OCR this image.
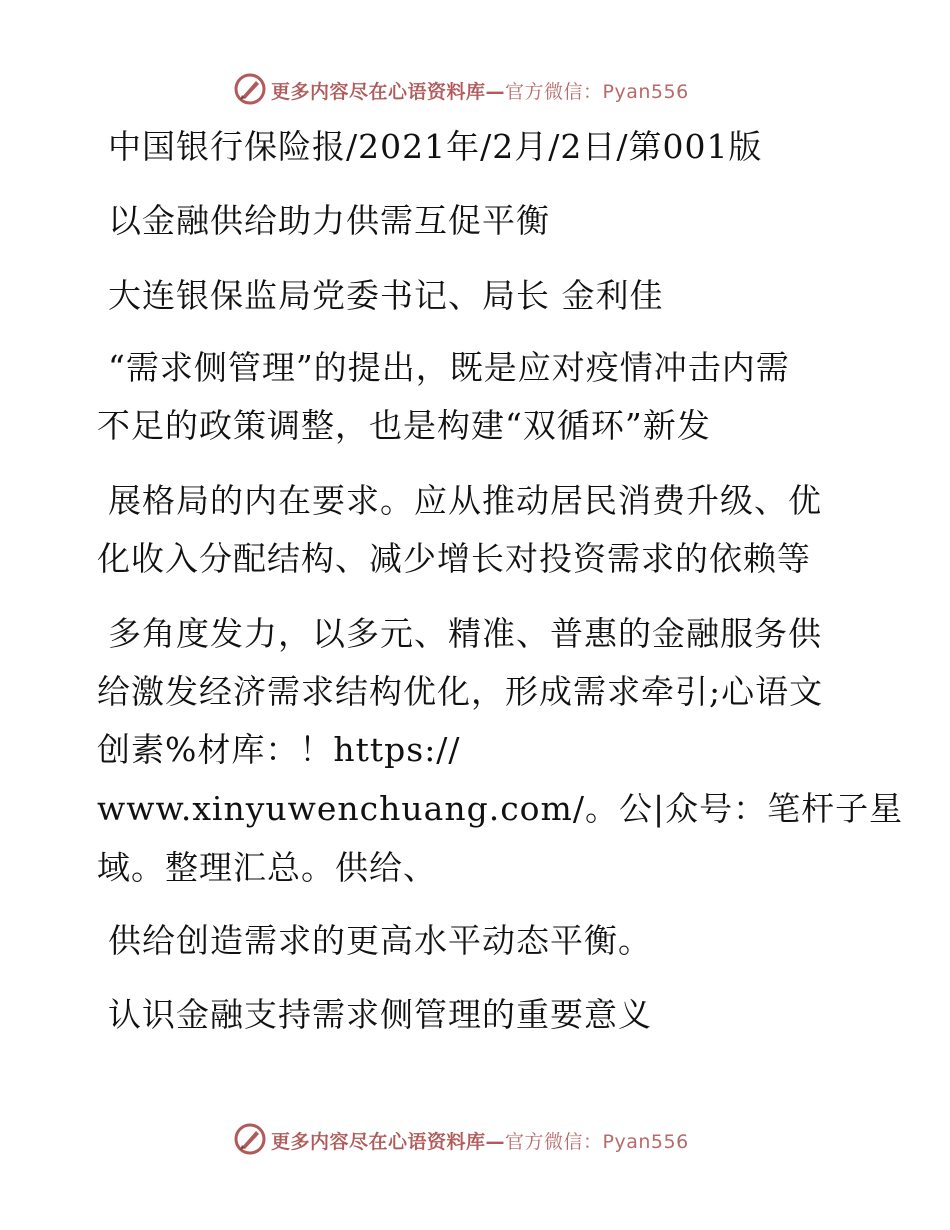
更多内容尽在心语资料库—官方微信：Pyan556
中国银行保险报/2021年/2月/2日/第001版
以金融供给助力供需互促平衡
大连银保监局党委书记、局长 金利佳
“需求侧管理”的提出，既是应对疫情冲击内需
不足的政策调整，也是构建“双循环”新发
展格局的内在要求。应从推动居民消费升级、优
化收入分配结构、减少增长对投资需求的依赖等
多角度发力，以多元、精准、普惠的金融服务供
给激发经济需求结构优化，形成需求牵引;心语文
创素%材库：！https://
www.xinyuwenchuang.com/。公|众号：笔杆子星
域。整理汇总。供给、
供给创造需求的更高水平动态平衡。
认识金融支持需求侧管理的重要意义
更多内容尽在心语资料库—官方微信：Pyan556
